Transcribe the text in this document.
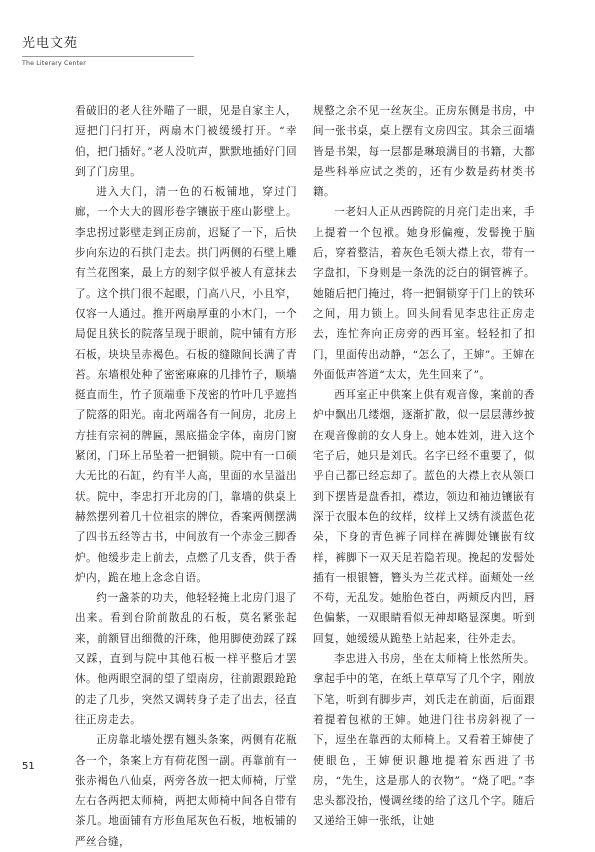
光电文苑
The Literary Center

看破旧的老人往外瞄了一眼，见是自家主人，逗把门闩打开，两扇木门被缓缓打开。“幸伯，把门插好。”老人没吭声，默默地插好门回到了门房里。

进入大门，清一色的石板铺地，穿过门廊，一个大大的圆形卷字镶嵌于座山影壁上。李忠拐过影壁走到正房前，迟疑了一下，后快步向东边的石拱门走去。拱门两侧的石壁上雕有兰花图案，最上方的刻字似乎被人有意抹去了。这个拱门很不起眼，门高八尺，小且窄，仅容一人通过。推开两扇厚重的小木门，一个局促且狭长的院落呈现于眼前，院中铺有方形石板，块块呈赤褐色。石板的缝隙间长满了青苔。东墙根处种了密密麻麻的几排竹子，顺墙挺直而生，竹子顶端垂下茂密的竹叶几乎遮挡了院落的阳光。南北两端各有一间房，北房上方挂有宗祠的牌匾，黑底描金字体，南房门窗紧闭，门环上吊坠着一把铜锁。院中有一口硕大无比的石缸，约有半人高，里面的水呈溢出状。院中，李忠打开北房的门，靠墙的供桌上赫然摆列着几十位祖宗的牌位，香案两侧摆满了四书五经等古书，中间放有一个赤金三脚香炉。他缓步走上前去，点燃了几支香，供于香炉内，跪在地上念念自语。

约一盏茶的功夫，他轻轻掩上北房门退了出来。看到台阶前散乱的石板，莫名紧张起来，前额冒出细微的汗珠，他用脚使劲踩了踩又踩，直到与院中其他石板一样平整后才罢休。他两眼空洞的望了望南房，往前跟跟跄跄的走了几步，突然又调转身子走了出去，径直往正房走去。

正房靠北墙处摆有翘头条案，两侧有花瓶各一个，条案上方有荷花图一副。再靠前有一张赤褐色八仙桌，两旁各放一把太师椅，厅堂左右各两把太师椅，两把太师椅中间各自带有茶几。地面铺有方形鱼尾灰色石板，地板铺的严丝合缝，

规整之余不见一丝灰尘。正房东侧是书房，中间一张书桌，桌上摆有文房四宝。其余三面墙皆是书架，每一层都是琳琅满目的书籍，大都是些科举应试之类的，还有少数是药材类书籍。

一老妇人正从西跨院的月亮门走出来，手上提着一个包袱。她身形偏瘦，发髻挽于脑后，穿着整洁，着灰色毛领大襟上衣，带有一字盘扣，下身则是一条洗的泛白的铜管裤子。她随后把门掩过，将一把铜锁穿于门上的铁环之间，用力锁上。回头间看见李忠往正房走去，连忙奔向正房旁的西耳室。轻轻扣了扣门，里面传出动静，“怎么了，王婶”。王婶在外面低声答道“太太，先生回来了”。

西耳室正中供案上供有观音像，案前的香炉中飘出几缕烟，逐渐扩散，似一层层薄纱披在观音像前的女人身上。她本姓刘，进入这个宅子后，她只是刘氏。名字已经不重要了，似乎自己都已经忘却了。蓝色的大襟上衣从领口到下摆皆是盘香扣，襟边，领边和袖边镶嵌有深于衣服本色的纹样，纹样上又绣有淡蓝色花朵，下身的青色裤子同样在裤脚处镶嵌有纹样，裤脚下一双天足若隐若现。挽起的发髻处插有一根银簪，簪头为兰花式样。面颊处一丝不苟，无乱发。她胎色苍白，两颊反内凹，唇色偏紫，一双眼睛看似无神却略显深奥。听到回复，她缓缓从跪垫上站起来，往外走去。

李忠进入书房，坐在太师椅上怅然所失。拿起手中的笔，在纸上草草写了几个字，刚放下笔，听到有脚步声，刘氏走在前面，后面跟着提着包袱的王婶。她进门往书房斜视了一下，逗坐在靠西的太师椅上。又看着王婶使了使眼色，王婶便识趣地提着东西进了书房，“先生，这是那人的衣物”。“烧了吧。”李忠头都没抬，慢调丝缕的给了这几个字。随后又递给王婶一张纸，让她

51
